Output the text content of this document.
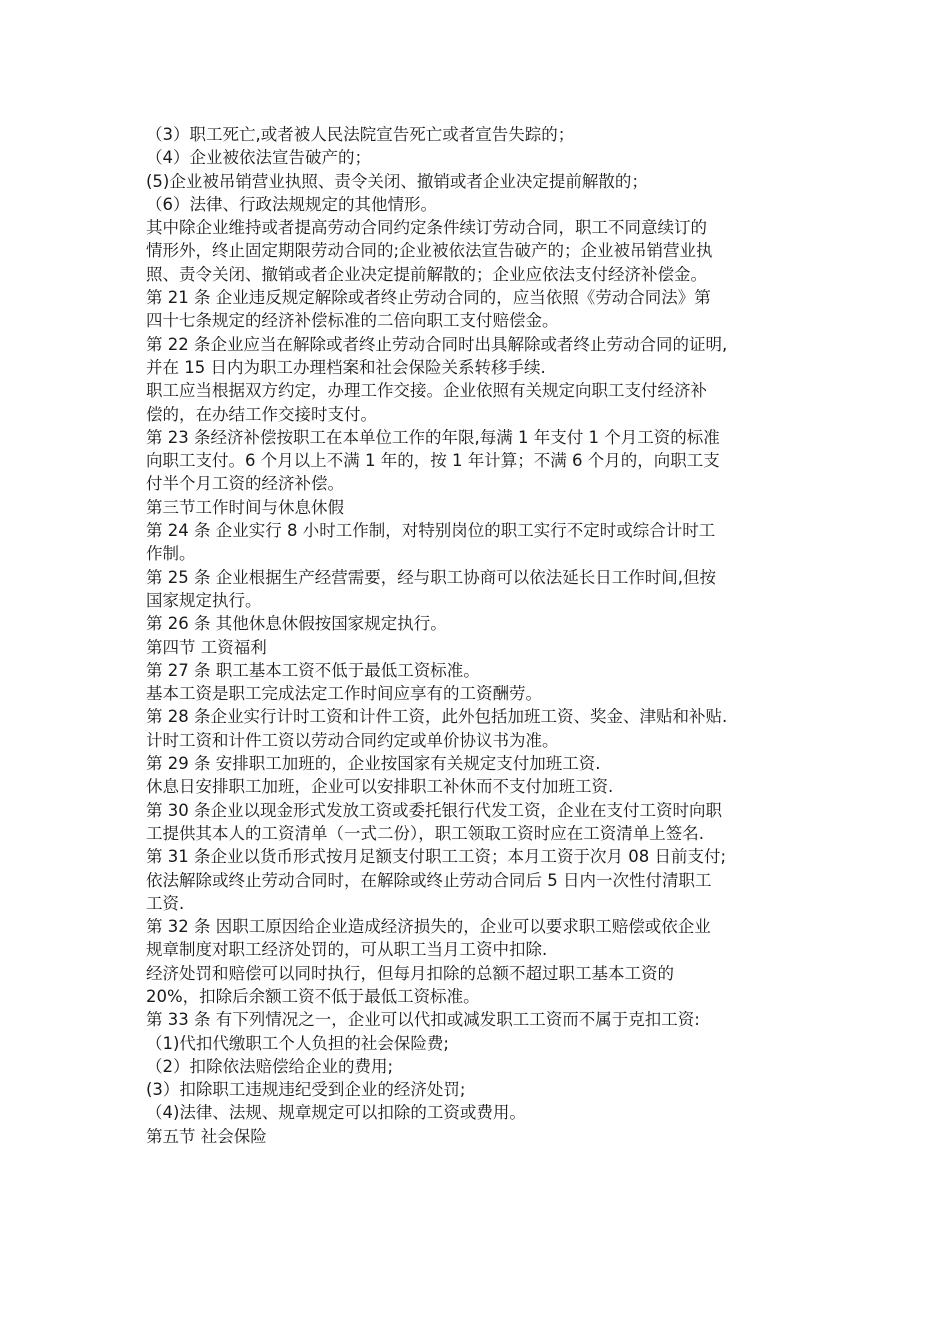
（3）职工死亡,或者被人民法院宣告死亡或者宣告失踪的；
（4）企业被依法宣告破产的；
(5)企业被吊销营业执照、责令关闭、撤销或者企业决定提前解散的；
（6）法律、行政法规规定的其他情形。
其中除企业维持或者提高劳动合同约定条件续订劳动合同，职工不同意续订的
情形外，终止固定期限劳动合同的;企业被依法宣告破产的；企业被吊销营业执
照、责令关闭、撤销或者企业决定提前解散的；企业应依法支付经济补偿金。
第 21 条 企业违反规定解除或者终止劳动合同的，应当依照《劳动合同法》第
四十七条规定的经济补偿标准的二倍向职工支付赔偿金。
第 22 条企业应当在解除或者终止劳动合同时出具解除或者终止劳动合同的证明,
并在 15 日内为职工办理档案和社会保险关系转移手续.
职工应当根据双方约定，办理工作交接。企业依照有关规定向职工支付经济补
偿的，在办结工作交接时支付。
第 23 条经济补偿按职工在本单位工作的年限,每满 1 年支付 1 个月工资的标准
向职工支付。6 个月以上不满 1 年的，按 1 年计算；不满 6 个月的，向职工支
付半个月工资的经济补偿。
第三节工作时间与休息休假
第 24 条 企业实行 8 小时工作制，对特别岗位的职工实行不定时或综合计时工
作制。
第 25 条 企业根据生产经营需要，经与职工协商可以依法延长日工作时间,但按
国家规定执行。
第 26 条 其他休息休假按国家规定执行。
第四节 工资福利
第 27 条 职工基本工资不低于最低工资标准。
基本工资是职工完成法定工作时间应享有的工资酬劳。
第 28 条企业实行计时工资和计件工资，此外包括加班工资、奖金、津贴和补贴.
计时工资和计件工资以劳动合同约定或单价协议书为准。
第 29 条 安排职工加班的，企业按国家有关规定支付加班工资.
休息日安排职工加班，企业可以安排职工补休而不支付加班工资.
第 30 条企业以现金形式发放工资或委托银行代发工资，企业在支付工资时向职
工提供其本人的工资清单（一式二份），职工领取工资时应在工资清单上签名.
第 31 条企业以货币形式按月足额支付职工工资；本月工资于次月 08 日前支付;
依法解除或终止劳动合同时，在解除或终止劳动合同后 5 日内一次性付清职工
工资.
第 32 条 因职工原因给企业造成经济损失的，企业可以要求职工赔偿或依企业
规章制度对职工经济处罚的，可从职工当月工资中扣除.
经济处罚和赔偿可以同时执行，但每月扣除的总额不超过职工基本工资的
20%，扣除后余额工资不低于最低工资标准。
第 33 条 有下列情况之一，企业可以代扣或减发职工工资而不属于克扣工资:
（1)代扣代缴职工个人负担的社会保险费;
（2）扣除依法赔偿给企业的费用;
(3）扣除职工违规违纪受到企业的经济处罚;
（4)法律、法规、规章规定可以扣除的工资或费用。
第五节 社会保险
